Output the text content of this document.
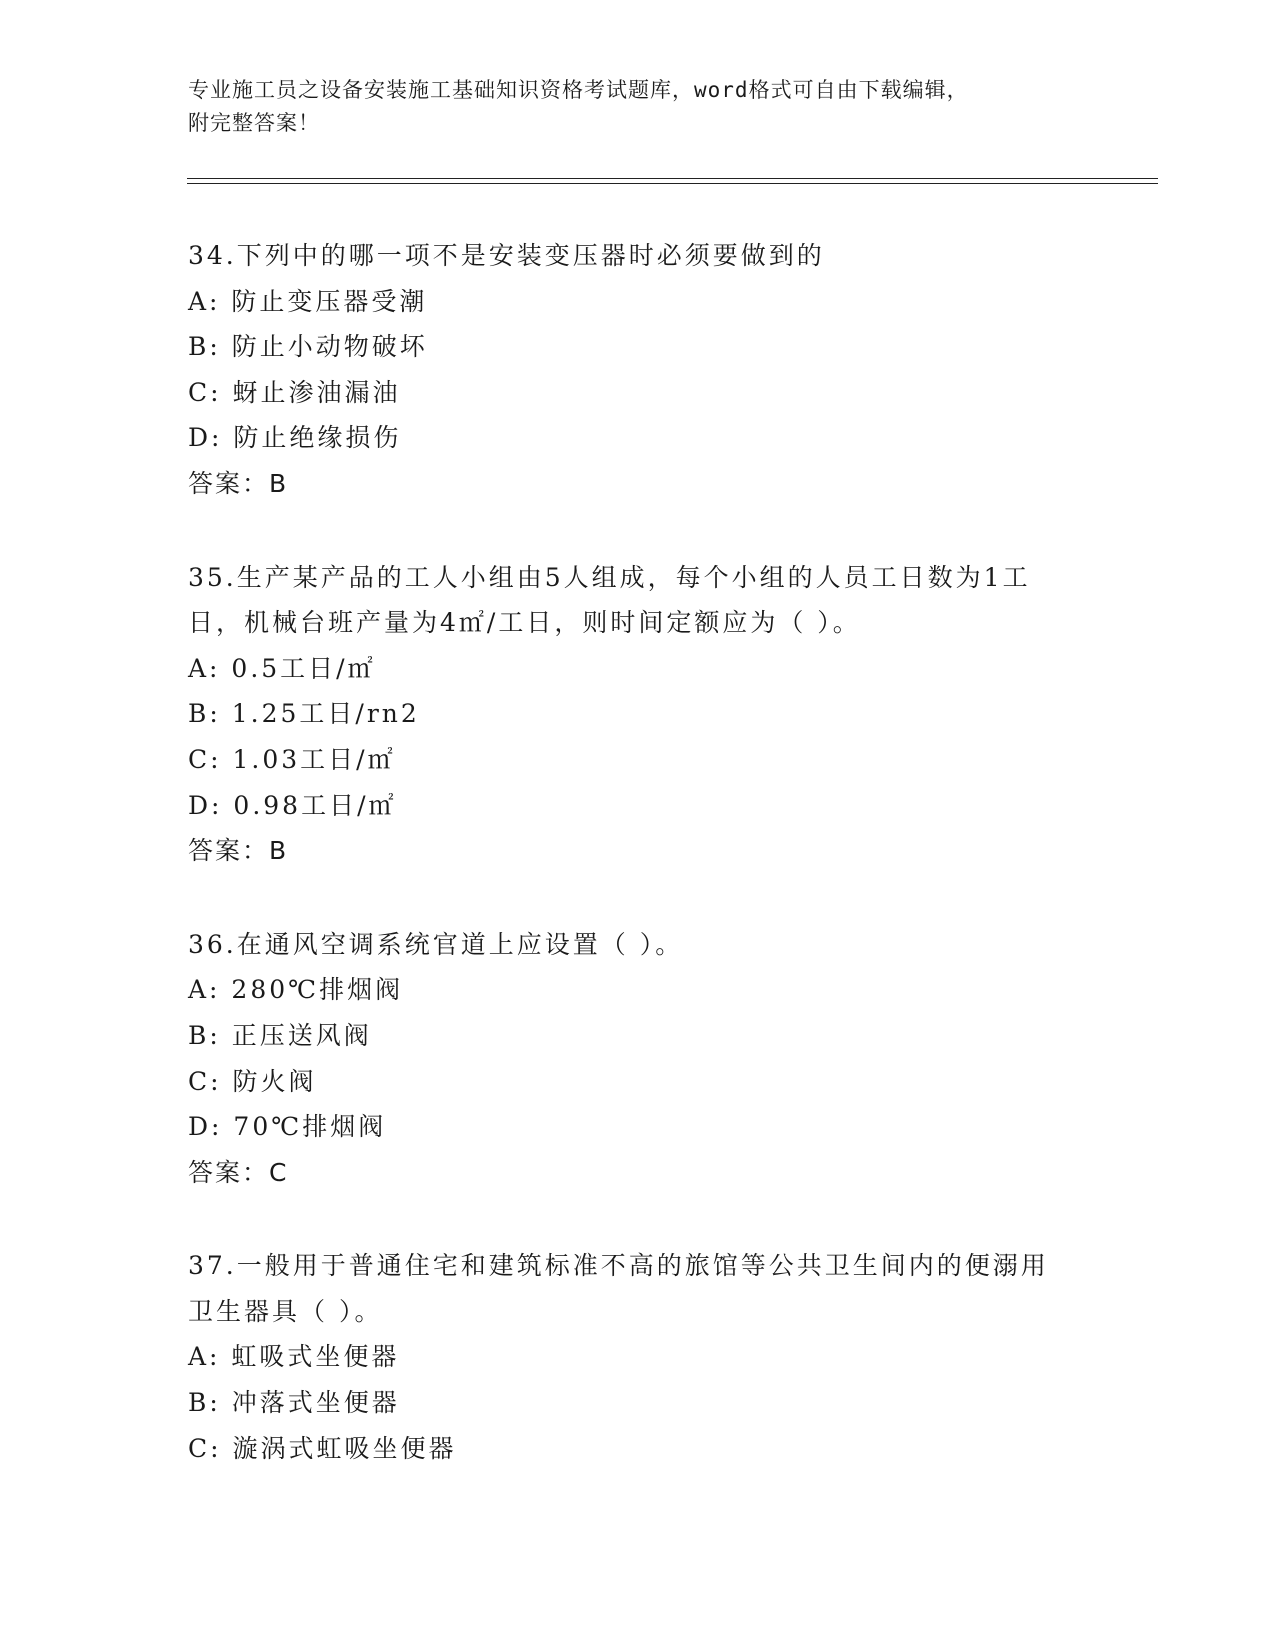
专业施工员之设备安装施工基础知识资格考试题库，word格式可自由下载编辑，

附完整答案！

34.下列中的哪一项不是安装变压器时必须要做到的

A: 防止变压器受潮

B: 防止小动物破坏

C: 蚜止渗油漏油

D: 防止绝缘损伤

答案：B

35.生产某产品的工人小组由5人组成，每个小组的人员工日数为1工

日，机械台班产量为4㎡/工日，则时间定额应为（ ）。

A: 0.5工日/㎡

B: 1.25工日/rn2

C: 1.03工日/㎡

D: 0.98工日/㎡

答案：B

36.在通风空调系统官道上应设置（ ）。

A: 280℃排烟阀

B: 正压送风阀

C: 防火阀

D: 70℃排烟阀

答案：C

37.一般用于普通住宅和建筑标准不高的旅馆等公共卫生间内的便溺用

卫生器具（ ）。

A: 虹吸式坐便器

B: 冲落式坐便器

C: 漩涡式虹吸坐便器
